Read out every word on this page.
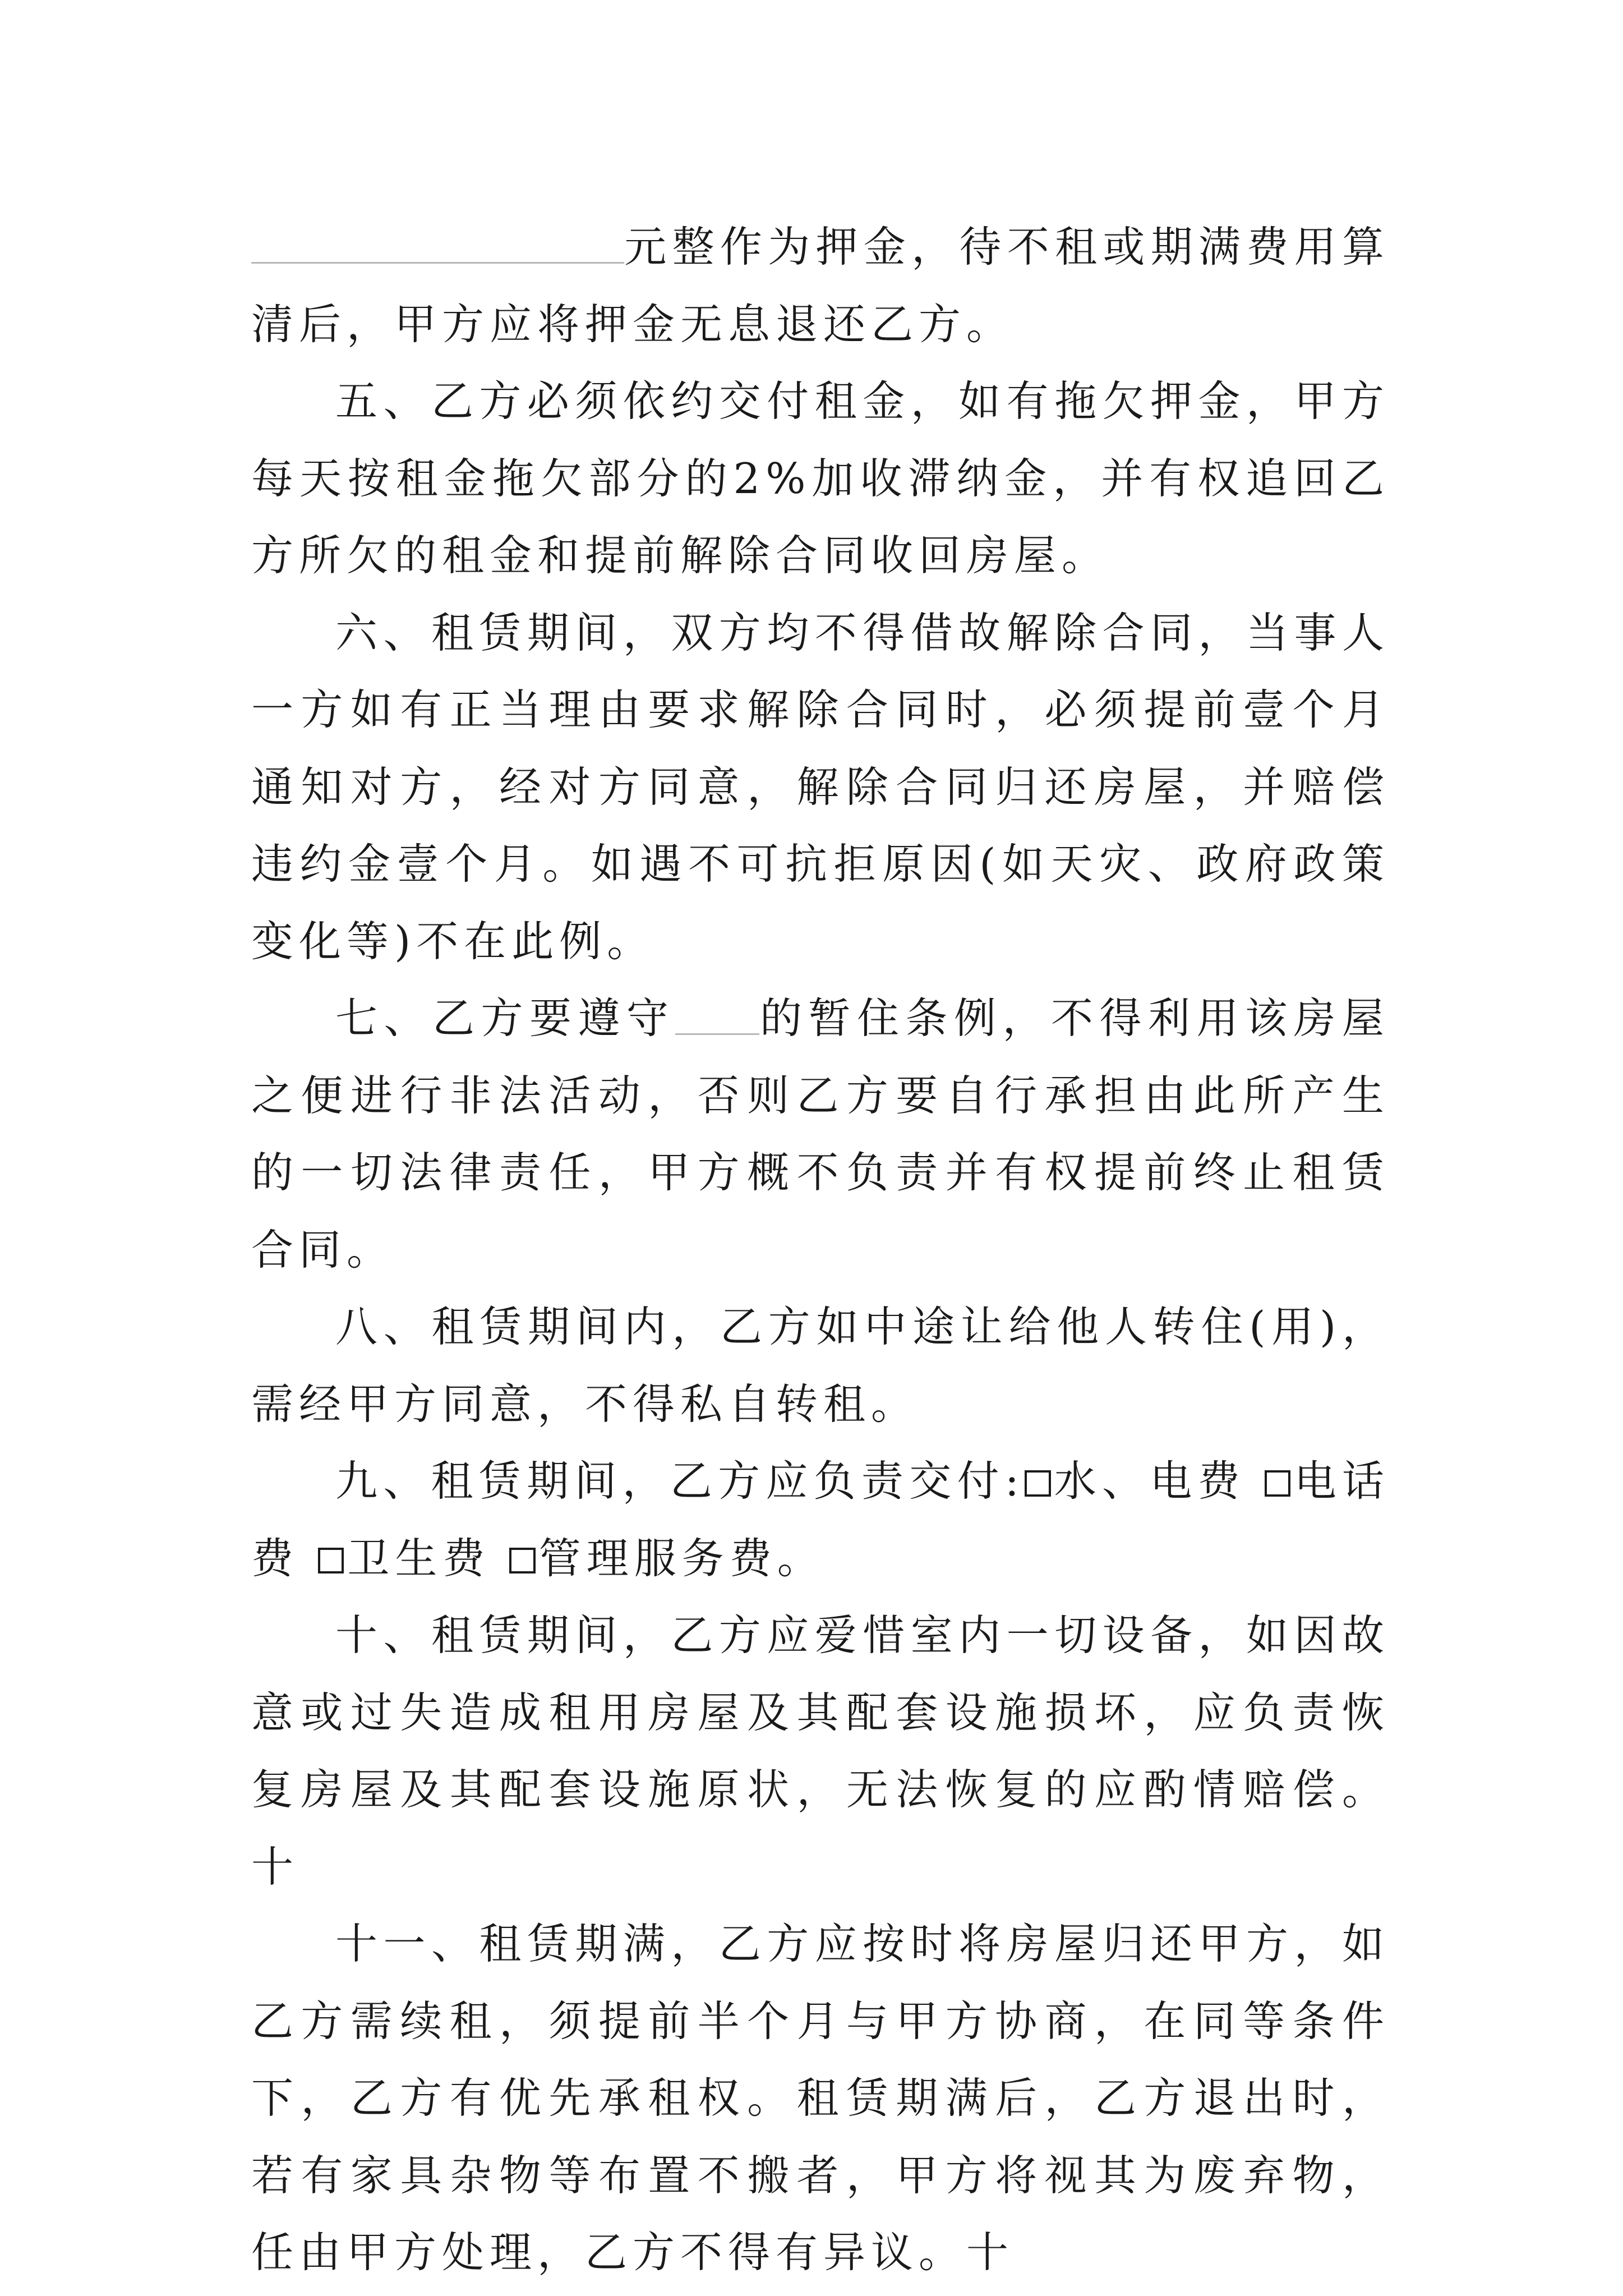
元整作为押金，待不租或期满费用算清后，甲方应将押金无息退还乙方。

五、乙方必须依约交付租金，如有拖欠押金，甲方每天按租金拖欠部分的2%加收滞纳金，并有权追回乙方所欠的租金和提前解除合同收回房屋。

六、租赁期间，双方均不得借故解除合同，当事人一方如有正当理由要求解除合同时，必须提前壹个月通知对方，经对方同意，解除合同归还房屋，并赔偿违约金壹个月。如遇不可抗拒原因(如天灾、政府政策变化等)不在此例。

七、乙方要遵守 的暂住条例，不得利用该房屋之便进行非法活动，否则乙方要自行承担由此所产生的一切法律责任，甲方概不负责并有权提前终止租赁合同。

八、租赁期间内，乙方如中途让给他人转住(用)，需经甲方同意，不得私自转租。

九、租赁期间，乙方应负责交付: 水、电费 电话费 卫生费 管理服务费。

十、租赁期间，乙方应爱惜室内一切设备，如因故意或过失造成租用房屋及其配套设施损坏，应负责恢复房屋及其配套设施原状，无法恢复的应酌情赔偿。十

十一、租赁期满，乙方应按时将房屋归还甲方，如乙方需续租，须提前半个月与甲方协商，在同等条件下，乙方有优先承租权。租赁期满后，乙方退出时，若有家具杂物等布置不搬者，甲方将视其为废弃物，任由甲方处理，乙方不得有异议。十
